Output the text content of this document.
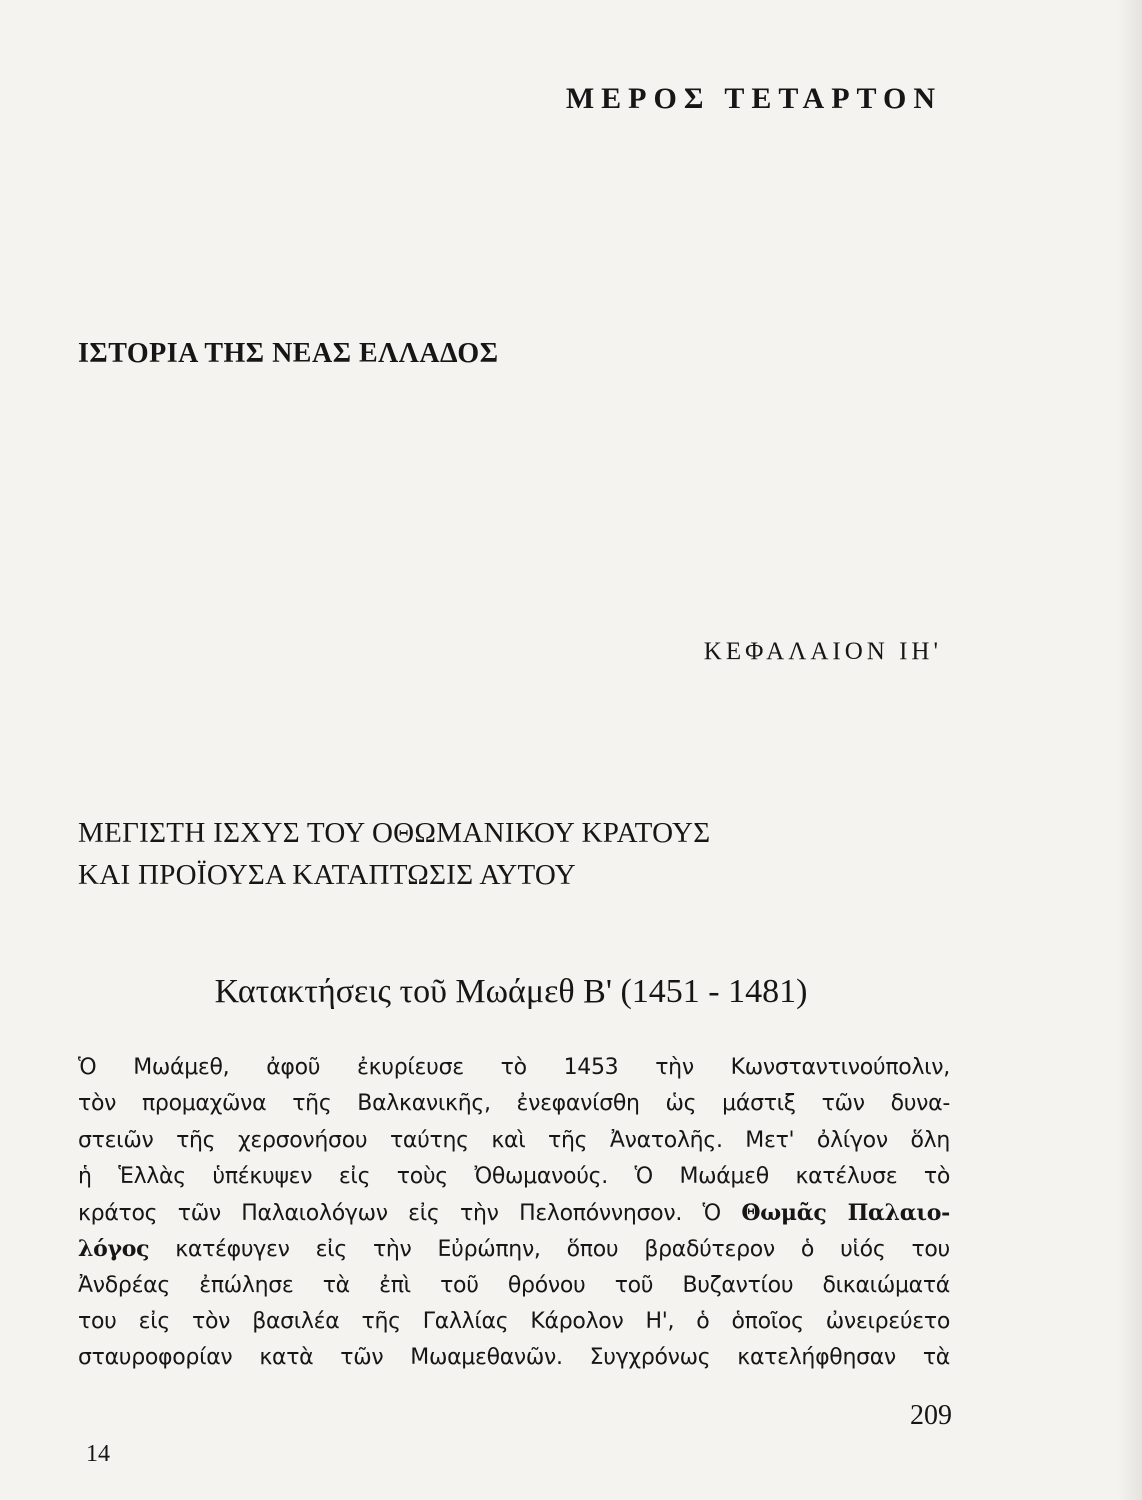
ΜΕΡΟΣ ΤΕΤΑΡΤΟΝ
ΙΣΤΟΡΙΑ ΤΗΣ ΝΕΑΣ ΕΛΛΑΔΟΣ
ΚΕΦΑΛΑΙΟΝ ΙΗ'
ΜΕΓΙΣΤΗ ΙΣΧΥΣ ΤΟΥ ΟΘΩΜΑΝΙΚΟΥ ΚΡΑΤΟΥΣ
ΚΑΙ ΠΡΟΪΟΥΣΑ ΚΑΤΑΠΤΩΣΙΣ ΑΥΤΟΥ
Κατακτήσεις τοῦ Μωάμεθ Β' (1451 - 1481)
Ὁ Μωάμεθ, ἀφοῦ ἐκυρίευσε τὸ 1453 τὴν Κωνσταντινούπολιν,
τὸν προμαχῶνα τῆς Βαλκανικῆς, ἐνεφανίσθη ὡς μάστιξ τῶν δυνα-
στειῶν τῆς χερσονήσου ταύτης καὶ τῆς Ἀνατολῆς. Μετ' ὀλίγον ὅλη
ἡ Ἑλλὰς ὑπέκυψεν εἰς τοὺς Ὀθωμανούς. Ὁ Μωάμεθ κατέλυσε τὸ
κράτος τῶν Παλαιολόγων εἰς τὴν Πελοπόννησον. Ὁ Θωμᾶς Παλαιο-
λόγος κατέφυγεν εἰς τὴν Εὐρώπην, ὅπου βραδύτερον ὁ υἱός του
Ἀνδρέας ἐπώλησε τὰ ἐπὶ τοῦ θρόνου τοῦ Βυζαντίου δικαιώματά
του εἰς τὸν βασιλέα τῆς Γαλλίας Κάρολον Η', ὁ ὁποῖος ὠνειρεύετο
σταυροφορίαν κατὰ τῶν Μωαμεθανῶν. Συγχρόνως κατελήφθησαν τὰ
209
14
